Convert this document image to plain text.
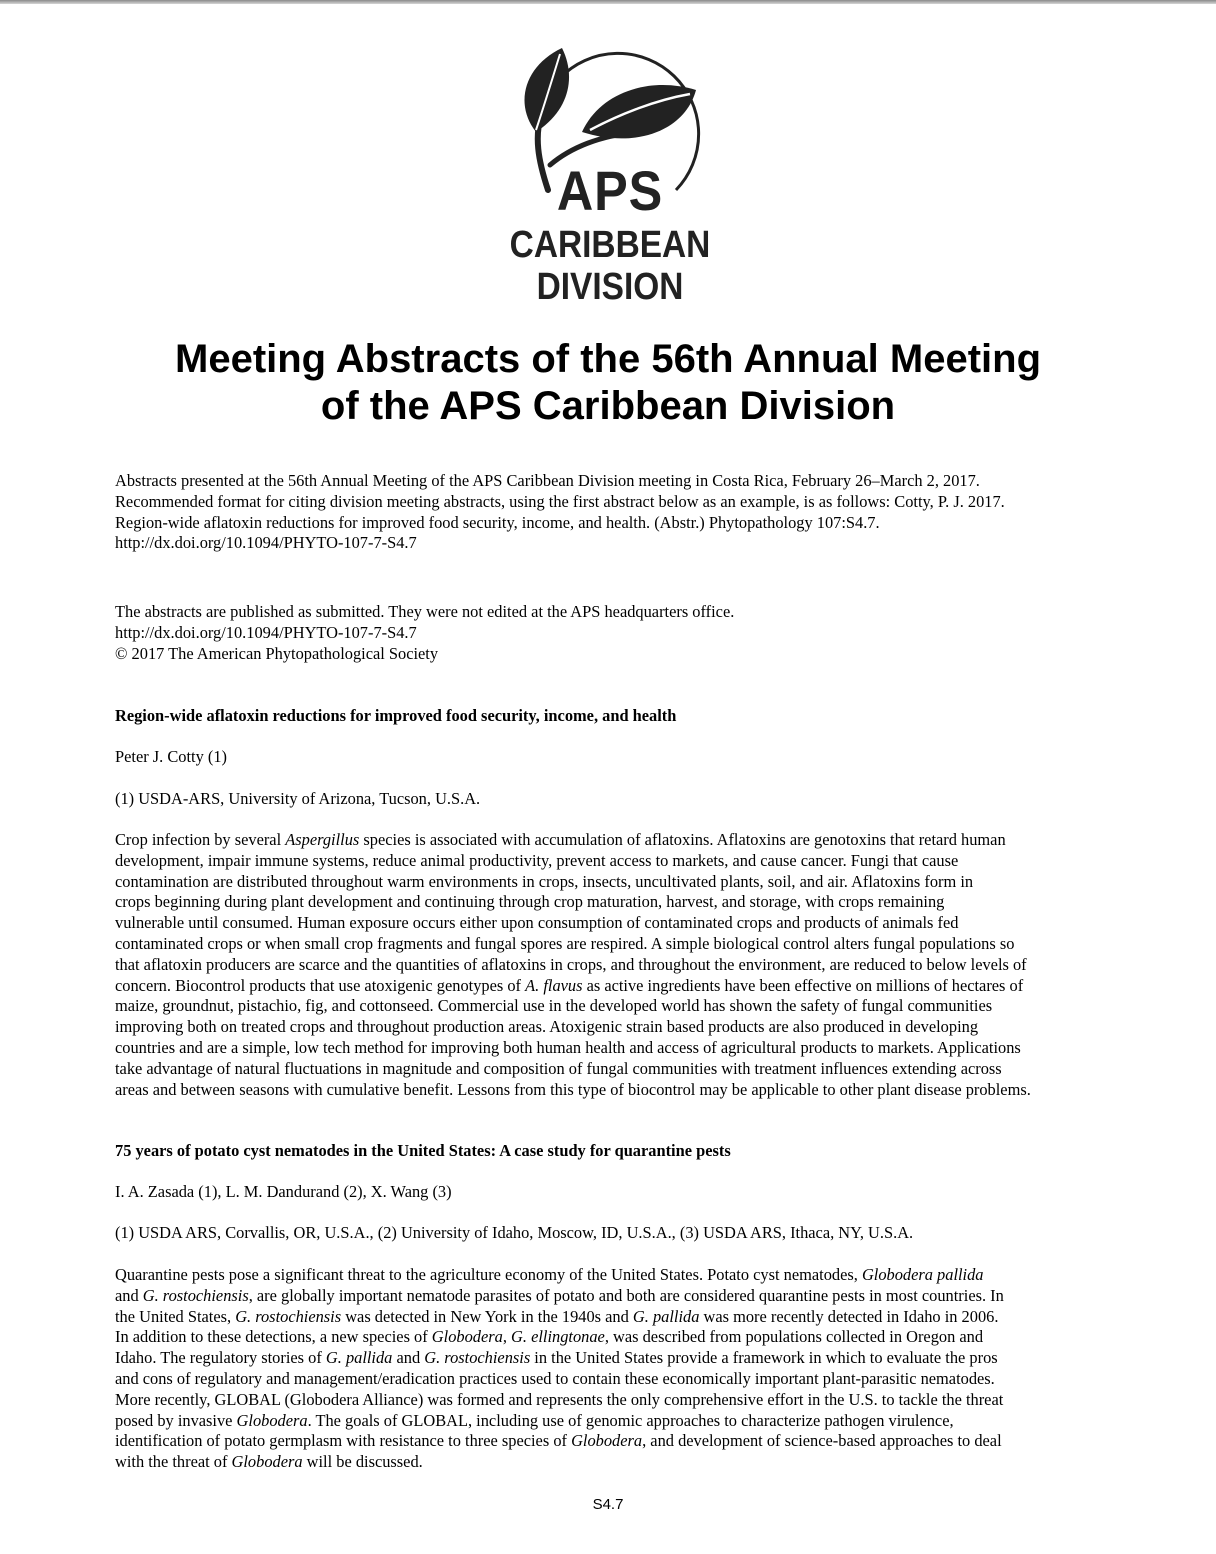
APS
CARIBBEAN
DIVISION
Meeting Abstracts of the 56th Annual Meeting
of the APS Caribbean Division
Abstracts presented at the 56th Annual Meeting of the APS Caribbean Division meeting in Costa Rica, February 26–March 2, 2017.
Recommended format for citing division meeting abstracts, using the first abstract below as an example, is as follows: Cotty, P. J. 2017.
Region-wide aflatoxin reductions for improved food security, income, and health. (Abstr.) Phytopathology 107:S4.7.
http://dx.doi.org/10.1094/PHYTO-107-7-S4.7
The abstracts are published as submitted. They were not edited at the APS headquarters office.
http://dx.doi.org/10.1094/PHYTO-107-7-S4.7
© 2017 The American Phytopathological Society

Region-wide aflatoxin reductions for improved food security, income, and health

Peter J. Cotty (1)

(1) USDA-ARS, University of Arizona, Tucson, U.S.A.

Crop infection by several Aspergillus species is associated with accumulation of aflatoxins. Aflatoxins are genotoxins that retard human
development, impair immune systems, reduce animal productivity, prevent access to markets, and cause cancer. Fungi that cause
contamination are distributed throughout warm environments in crops, insects, uncultivated plants, soil, and air. Aflatoxins form in
crops beginning during plant development and continuing through crop maturation, harvest, and storage, with crops remaining
vulnerable until consumed. Human exposure occurs either upon consumption of contaminated crops and products of animals fed
contaminated crops or when small crop fragments and fungal spores are respired. A simple biological control alters fungal populations so
that aflatoxin producers are scarce and the quantities of aflatoxins in crops, and throughout the environment, are reduced to below levels of
concern. Biocontrol products that use atoxigenic genotypes of A. flavus as active ingredients have been effective on millions of hectares of
maize, groundnut, pistachio, fig, and cottonseed. Commercial use in the developed world has shown the safety of fungal communities
improving both on treated crops and throughout production areas. Atoxigenic strain based products are also produced in developing
countries and are a simple, low tech method for improving both human health and access of agricultural products to markets. Applications
take advantage of natural fluctuations in magnitude and composition of fungal communities with treatment influences extending across
areas and between seasons with cumulative benefit. Lessons from this type of biocontrol may be applicable to other plant disease problems.

75 years of potato cyst nematodes in the United States: A case study for quarantine pests

I. A. Zasada (1), L. M. Dandurand (2), X. Wang (3)

(1) USDA ARS, Corvallis, OR, U.S.A., (2) University of Idaho, Moscow, ID, U.S.A., (3) USDA ARS, Ithaca, NY, U.S.A.

Quarantine pests pose a significant threat to the agriculture economy of the United States. Potato cyst nematodes, Globodera pallida
and G. rostochiensis, are globally important nematode parasites of potato and both are considered quarantine pests in most countries. In
the United States, G. rostochiensis was detected in New York in the 1940s and G. pallida was more recently detected in Idaho in 2006.
In addition to these detections, a new species of Globodera, G. ellingtonae, was described from populations collected in Oregon and
Idaho. The regulatory stories of G. pallida and G. rostochiensis in the United States provide a framework in which to evaluate the pros
and cons of regulatory and management/eradication practices used to contain these economically important plant-parasitic nematodes.
More recently, GLOBAL (Globodera Alliance) was formed and represents the only comprehensive effort in the U.S. to tackle the threat
posed by invasive Globodera. The goals of GLOBAL, including use of genomic approaches to characterize pathogen virulence,
identification of potato germplasm with resistance to three species of Globodera, and development of science-based approaches to deal
with the threat of Globodera will be discussed.
S4.7
